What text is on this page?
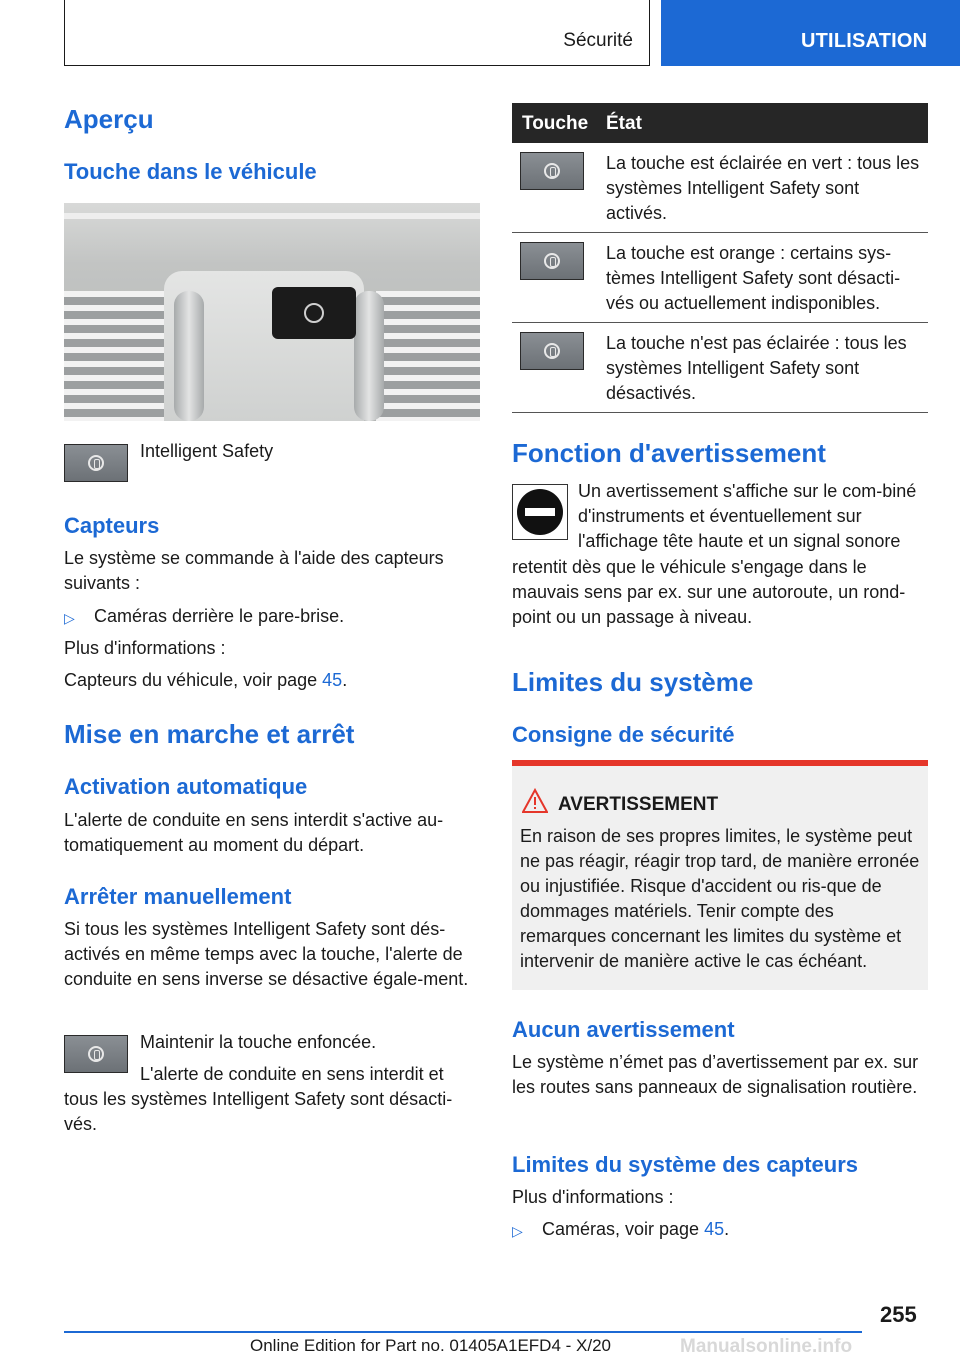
Sécurité	UTILISATION
Aperçu
Touche dans le véhicule
Intelligent Safety
Capteurs
Le système se commande à l'aide des capteurs suivants :
▷ Caméras derrière le pare-brise.
Plus d'informations :
Capteurs du véhicule, voir page 45.
Mise en marche et arrêt
Activation automatique
L'alerte de conduite en sens interdit s'active au-tomatiquement au moment du départ.
Arrêter manuellement
Si tous les systèmes Intelligent Safety sont dés-activés en même temps avec la touche, l'alerte de conduite en sens inverse se désactive égale-ment.
Maintenir la touche enfoncée.
L'alerte de conduite en sens interdit et tous les systèmes Intelligent Safety sont désacti-vés.
Touche État
La touche est éclairée en vert : tous les systèmes Intelligent Safety sont activés.
La touche est orange : certains sys-tèmes Intelligent Safety sont désacti-vés ou actuellement indisponibles.
La touche n'est pas éclairée : tous les systèmes Intelligent Safety sont désactivés.
Fonction d'avertissement
Un avertissement s'affiche sur le com-biné d'instruments et éventuellement sur l'affichage tête haute et un signal sonore
retentit dès que le véhicule s'engage dans le mauvais sens par ex. sur une autoroute, un rond-point ou un passage à niveau.
Limites du système
Consigne de sécurité
AVERTISSEMENT
En raison de ses propres limites, le système peut ne pas réagir, réagir trop tard, de manière erronée ou injustifiée. Risque d'accident ou ris-que de dommages matériels. Tenir compte des remarques concernant les limites du système et intervenir de manière active le cas échéant.
Aucun avertissement
Le système n’émet pas d’avertissement par ex. sur les routes sans panneaux de signalisation routière.
Limites du système des capteurs
Plus d'informations :
▷ Caméras, voir page 45.
255
Online Edition for Part no. 01405A1EFD4 - X/20	Manualsonline.info
